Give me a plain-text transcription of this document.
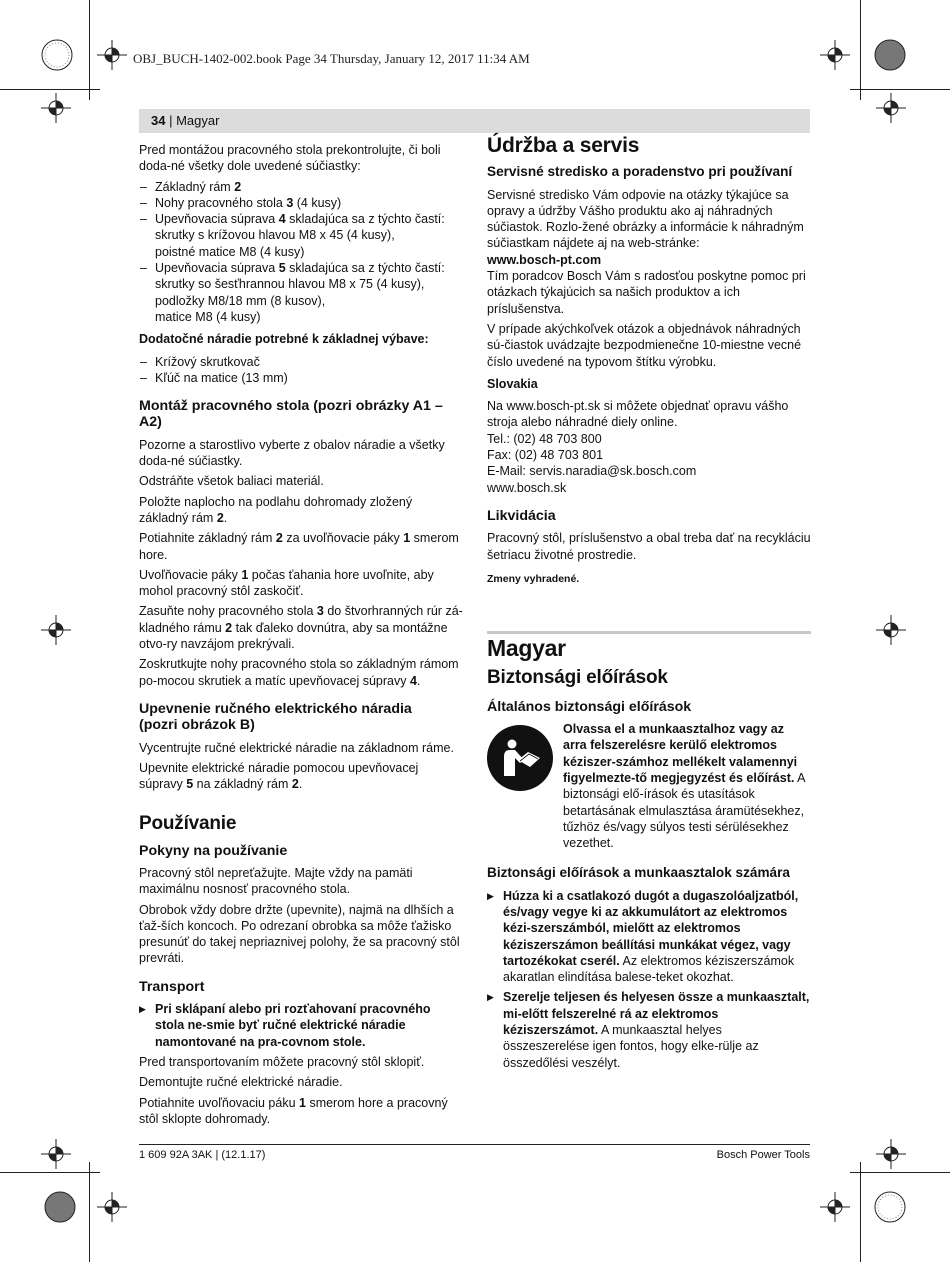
OBJ_BUCH-1402-002.book Page 34 Thursday, January 12, 2017 11:34 AM
34 | Magyar

Pred montážou pracovného stola prekontrolujte, či boli doda-né všetky dole uvedené súčiastky:

– Základný rám 2
– Nohy pracovného stola 3 (4 kusy)
– Upevňovacia súprava 4 skladajúca sa z týchto častí:
skrutky s krížovou hlavou M8 x 45 (4 kusy),
poistné matice M8 (4 kusy)
– Upevňovacia súprava 5 skladajúca sa z týchto častí:
skrutky so šesťhrannou hlavou M8 x 75 (4 kusy),
podložky M8/18 mm (8 kusov),
matice M8 (4 kusy)
Dodatočné náradie potrebné k základnej výbave:
– Krížový skrutkovač
– Kľúč na matice (13 mm)
Montáž pracovného stola (pozri obrázky A1 – A2)

Pozorne a starostlivo vyberte z obalov náradie a všetky doda-né súčiastky.

Odstráňte všetok baliaci materiál.

Položte naplocho na podlahu dohromady zložený základný rám 2.

Potiahnite základný rám 2 za uvoľňovacie páky 1 smerom hore.

Uvoľňovacie páky 1 počas ťahania hore uvoľnite, aby mohol pracovný stôl zaskočiť.

Zasuňte nohy pracovného stola 3 do štvorhranných rúr zá-kladného rámu 2 tak ďaleko dovnútra, aby sa montážne otvo-ry navzájom prekrývali.

Zoskrutkujte nohy pracovného stola so základným rámom po-mocou skrutiek a matíc upevňovacej súpravy 4.

Upevnenie ručného elektrického náradia
(pozri obrázok B)

Vycentrujte ručné elektrické náradie na základnom ráme.

Upevnite elektrické náradie pomocou upevňovacej súpravy 5 na základný rám 2.

Používanie
Pokyny na používanie

Pracovný stôl nepreťažujte. Majte vždy na pamäti maximálnu nosnosť pracovného stola.

Obrobok vždy dobre držte (upevnite), najmä na dlhších a ťaž-ších koncoch. Po odrezaní obrobka sa môže ťažisko presunúť do takej nepriaznivej polohy, že sa pracovný stôl prevráti.

Transport
▶ Pri sklápaní alebo pri rozťahovaní pracovného stola ne-smie byť ručné elektrické náradie namontované na pra-covnom stole.

Pred transportovaním môžete pracovný stôl sklopiť.

Demontujte ručné elektrické náradie.

Potiahnite uvoľňovaciu páku 1 smerom hore a pracovný stôl sklopte dohromady.

Údržba a servis
Servisné stredisko a poradenstvo pri používaní

Servisné stredisko Vám odpovie na otázky týkajúce sa opravy a údržby Vášho produktu ako aj náhradných súčiastok. Rozlo-žené obrázky a informácie k náhradným súčiastkam nájdete aj na web-stránke:

www.bosch-pt.com

Tím poradcov Bosch Vám s radosťou poskytne pomoc pri otázkach týkajúcich sa našich produktov a ich príslušenstva.

V prípade akýchkoľvek otázok a objednávok náhradných sú-čiastok uvádzajte bezpodmienečne 10-miestne vecné číslo uvedené na typovom štítku výrobku.

Slovakia
Na www.bosch-pt.sk si môžete objednať opravu vášho stroja alebo náhradné diely online.
Tel.: (02) 48 703 800
Fax: (02) 48 703 801
E-Mail: servis.naradia@sk.bosch.com
www.bosch.sk
Likvidácia

Pracovný stôl, príslušenstvo a obal treba dať na recykláciu šetriacu životné prostredie.

Zmeny vyhradené.
Magyar
Biztonsági előírások
Általános biztonsági előírások

Olvassa el a munkaasztalhoz vagy az arra felszerelésre kerülő elektromos kéziszer-számhoz mellékelt valamennyi figyelmezte-tő megjegyzést és előírást. A biztonsági elő-írások és utasítások betartásának elmulasztása áramütésekhez, tűzhöz és/vagy súlyos testi sérülésekhez vezethet.

Biztonsági előírások a munkaasztalok számára
▶ Húzza ki a csatlakozó dugót a dugaszolóaljzatból, és/vagy vegye ki az akkumulátort az elektromos kézi-szerszámból, mielőtt az elektromos kéziszerszámon beállítási munkákat végez, vagy tartozékokat cserél. Az elektromos kéziszerszámok akaratlan elindítása balese-teket okozhat.
▶ Szerelje teljesen és helyesen össze a munkaasztalt, mi-előtt felszerelné rá az elektromos kéziszerszámot. A munkaasztal helyes összeszerelése igen fontos, hogy elke-rülje az összedőlési veszélyt.
1 609 92A 3AK | (12.1.17)	Bosch Power Tools
